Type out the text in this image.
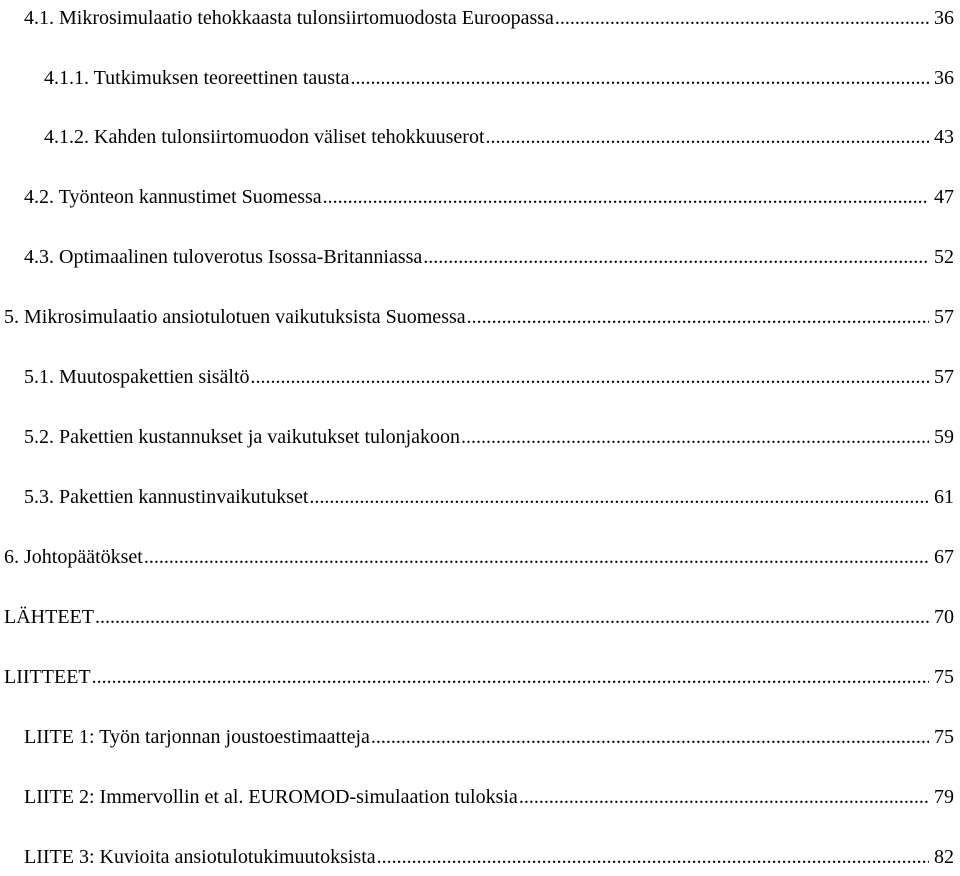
4.1. Mikrosimulaatio tehokkaasta tulonsiirtomuodosta Euroopassa .....	36
4.1.1. Tutkimuksen teoreettinen tausta .....	36
4.1.2. Kahden tulonsiirtomuodon väliset tehokkuuserot .....	43
4.2. Työnteon kannustimet Suomessa .....	47
4.3. Optimaalinen tuloverotus Isossa-Britanniassa .....	52
5. Mikrosimulaatio ansiotulotuen vaikutuksista Suomessa .....	57
5.1. Muutospakettien sisältö .....	57
5.2. Pakettien kustannukset ja vaikutukset tulonjakoon .....	59
5.3. Pakettien kannustinvaikutukset .....	61
6. Johtopäätökset .....	67
LÄHTEET .....	70
LIITTEET .....	75
LIITE 1: Työn tarjonnan joustoestimaatteja .....	75
LIITE 2: Immervollin et al. EUROMOD-simulaation tuloksia .....	79
LIITE 3: Kuvioita ansiotulotukimuutoksista .....	82
